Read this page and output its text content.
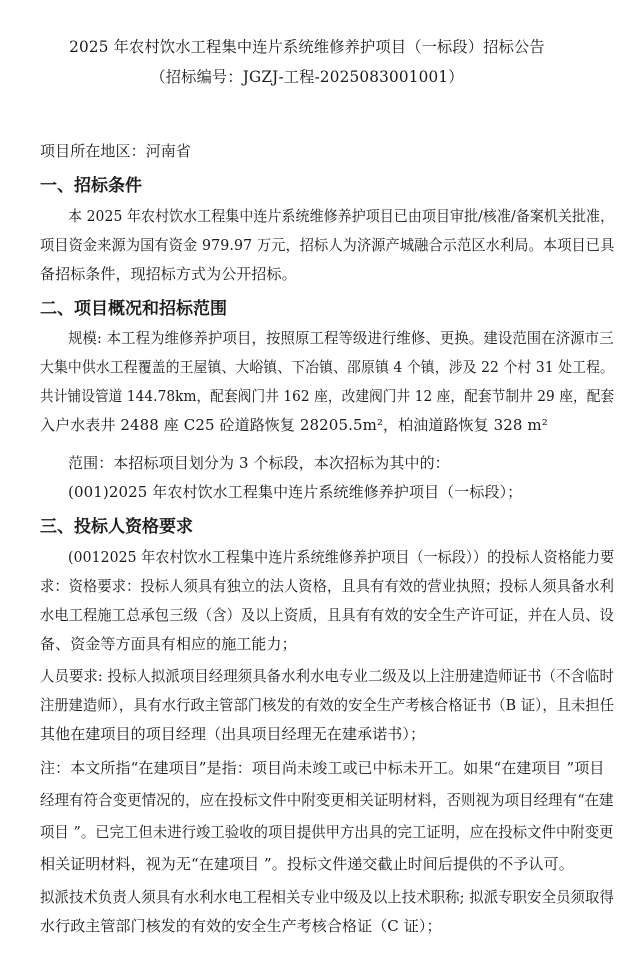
2025 年农村饮水工程集中连片系统维修养护项目（一标段）招标公告
（招标编号：JGZJ-工程-2025083001001）
项目所在地区：河南省
一、招标条件
本 2025 年农村饮水工程集中连片系统维修养护项目已由项目审批/核准/备案机关批准，
项目资金来源为国有资金 979.97 万元，招标人为济源产城融合示范区水利局。本项目已具
备招标条件，现招标方式为公开招标。
二、项目概况和招标范围
规模: 本工程为维修养护项目，按照原工程等级进行维修、更换。建设范围在济源市三
大集中供水工程覆盖的王屋镇、大峪镇、下冶镇、邵原镇 4 个镇，涉及 22 个村 31 处工程。
共计铺设管道 144.78km，配套阀门井 162 座，改建阀门井 12 座，配套节制井 29 座，配套
入户水表井 2488 座 C25 砼道路恢复 28205.5m²，柏油道路恢复 328 m²
范围：本招标项目划分为 3 个标段，本次招标为其中的：
(001)2025 年农村饮水工程集中连片系统维修养护项目（一标段）；
三、投标人资格要求
(0012025 年农村饮水工程集中连片系统维修养护项目（一标段））的投标人资格能力要
求：资格要求：投标人须具有独立的法人资格，且具有有效的营业执照；投标人须具备水利
水电工程施工总承包三级（含）及以上资质，且具有有效的安全生产许可证，并在人员、设
备、资金等方面具有相应的施工能力；
人员要求: 投标人拟派项目经理须具备水利水电专业二级及以上注册建造师证书（不含临时
注册建造师），具有水行政主管部门核发的有效的安全生产考核合格证书（B 证），且未担任
其他在建项目的项目经理（出具项目经理无在建承诺书）；
注：本文所指“在建项目”是指：项目尚未竣工或已中标未开工。如果“在建项目 ”项目
经理有符合变更情况的，应在投标文件中附变更相关证明材料，否则视为项目经理有“在建
项目 ”。已完工但未进行竣工验收的项目提供甲方出具的完工证明，应在投标文件中附变更
相关证明材料，视为无“在建项目 ”。投标文件递交截止时间后提供的不予认可。
拟派技术负责人须具有水利水电工程相关专业中级及以上技术职称; 拟派专职安全员须取得
水行政主管部门核发的有效的安全生产考核合格证（C 证）；
